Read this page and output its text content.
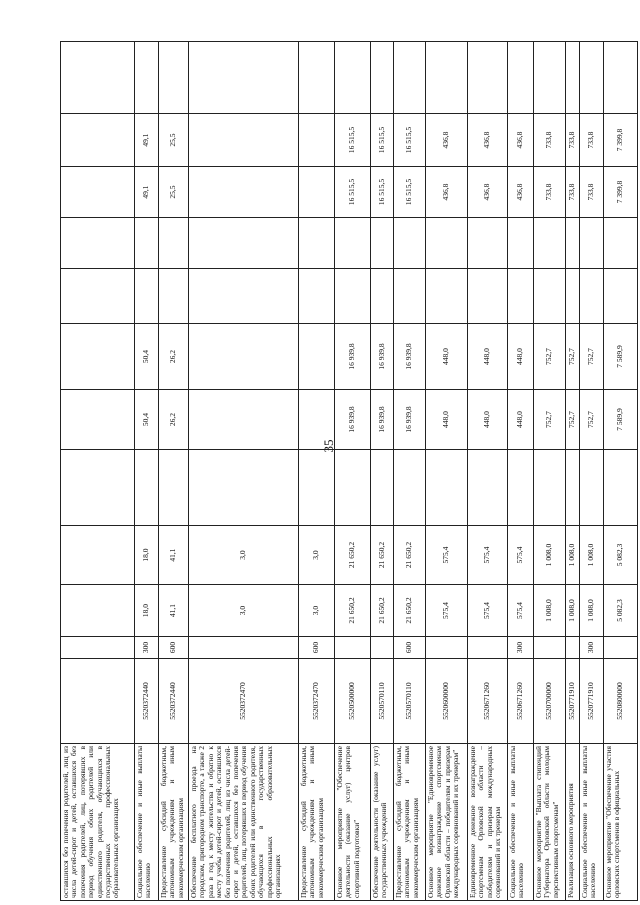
35
оставшихся без попечения родителей, лиц из числа детей-сирот и детей, оставшихся без попечения родителей, лиц, потерявших в период обучения обоих родителей или единственного родителя, обучающихся в государственных профессиональных образовательных организациях												
Социальное обеспечение и иные выплаты населению	5520372440	300	18,0	18,0		50,4	50,4			49,1	49,1	
Предоставление субсидий бюджетным, автономным учреждениям и иным некоммерческим организациям	5520372440	600	41,1	41,1		26,2	26,2			25,5	25,5	
Обеспечение бесплатного проезда на городском, пригородном транспорте, а также 2 раза в год к месту жительства и обратно к месту учебы детей-сирот и детей, оставшихся без попечения родителей, лиц из числа детей-сирот и детей, оставшихся без попечения родителей, лиц, потерявших в период обучения обоих родителей или единственного родителя, обучающихся в государственных профессиональных образовательных организациях	5520372470		3,0	3,0								
Предоставление субсидий бюджетным, автономным учреждениям и иным некоммерческим организациям	5520372470	600	3,0	3,0								
Основное мероприятие "Обеспечение деятельности (оказание услуг) центров спортивной подготовки"	5520500000		21 650,2	21 650,2		16 939,8	16 939,8			16 515,5	16 515,5	
Обеспечение деятельности (оказание услуг) государственных учреждений	5520570110		21 650,2	21 650,2		16 939,8	16 939,8			16 515,5	16 515,5	
Предоставление субсидий бюджетным, автономным учреждениям и иным некоммерческим организациям	5520570110	600	21 650,2	21 650,2		16 939,8	16 939,8			16 515,5	16 515,5	
Основное мероприятие "Единовременное денежное вознаграждение спортсменам Орловской области – победителям и призерам международных соревнований и их тренерам"	5520600000		575,4	575,4		448,0	448,0			436,8	436,8	
Единовременное денежное вознаграждение спортсменам Орловской области – победителям и призерам международных соревнований и их тренерам	5520671260		575,4	575,4		448,0	448,0			436,8	436,8	
Социальное обеспечение и иные выплаты населению	5520671260	300	575,4	575,4		448,0	448,0			436,8	436,8	
Основное мероприятие "Выплата стипендий Губернатора Орловской области молодым перспективным спортсменам"	5520700000		1 008,0	1 008,0		752,7	752,7			733,8	733,8	
Реализация основного мероприятия	5520771910		1 008,0	1 008,0		752,7	752,7			733,8	733,8	
Социальное обеспечение и иные выплаты населению	5520771910	300	1 008,0	1 008,0		752,7	752,7			733,8	733,8	
Основное мероприятие "Обеспечение участия орловских спортсменов в официальных	5520800000		5 082,3	5 082,3		7 589,9	7 589,9			7 399,8	7 399,8	
